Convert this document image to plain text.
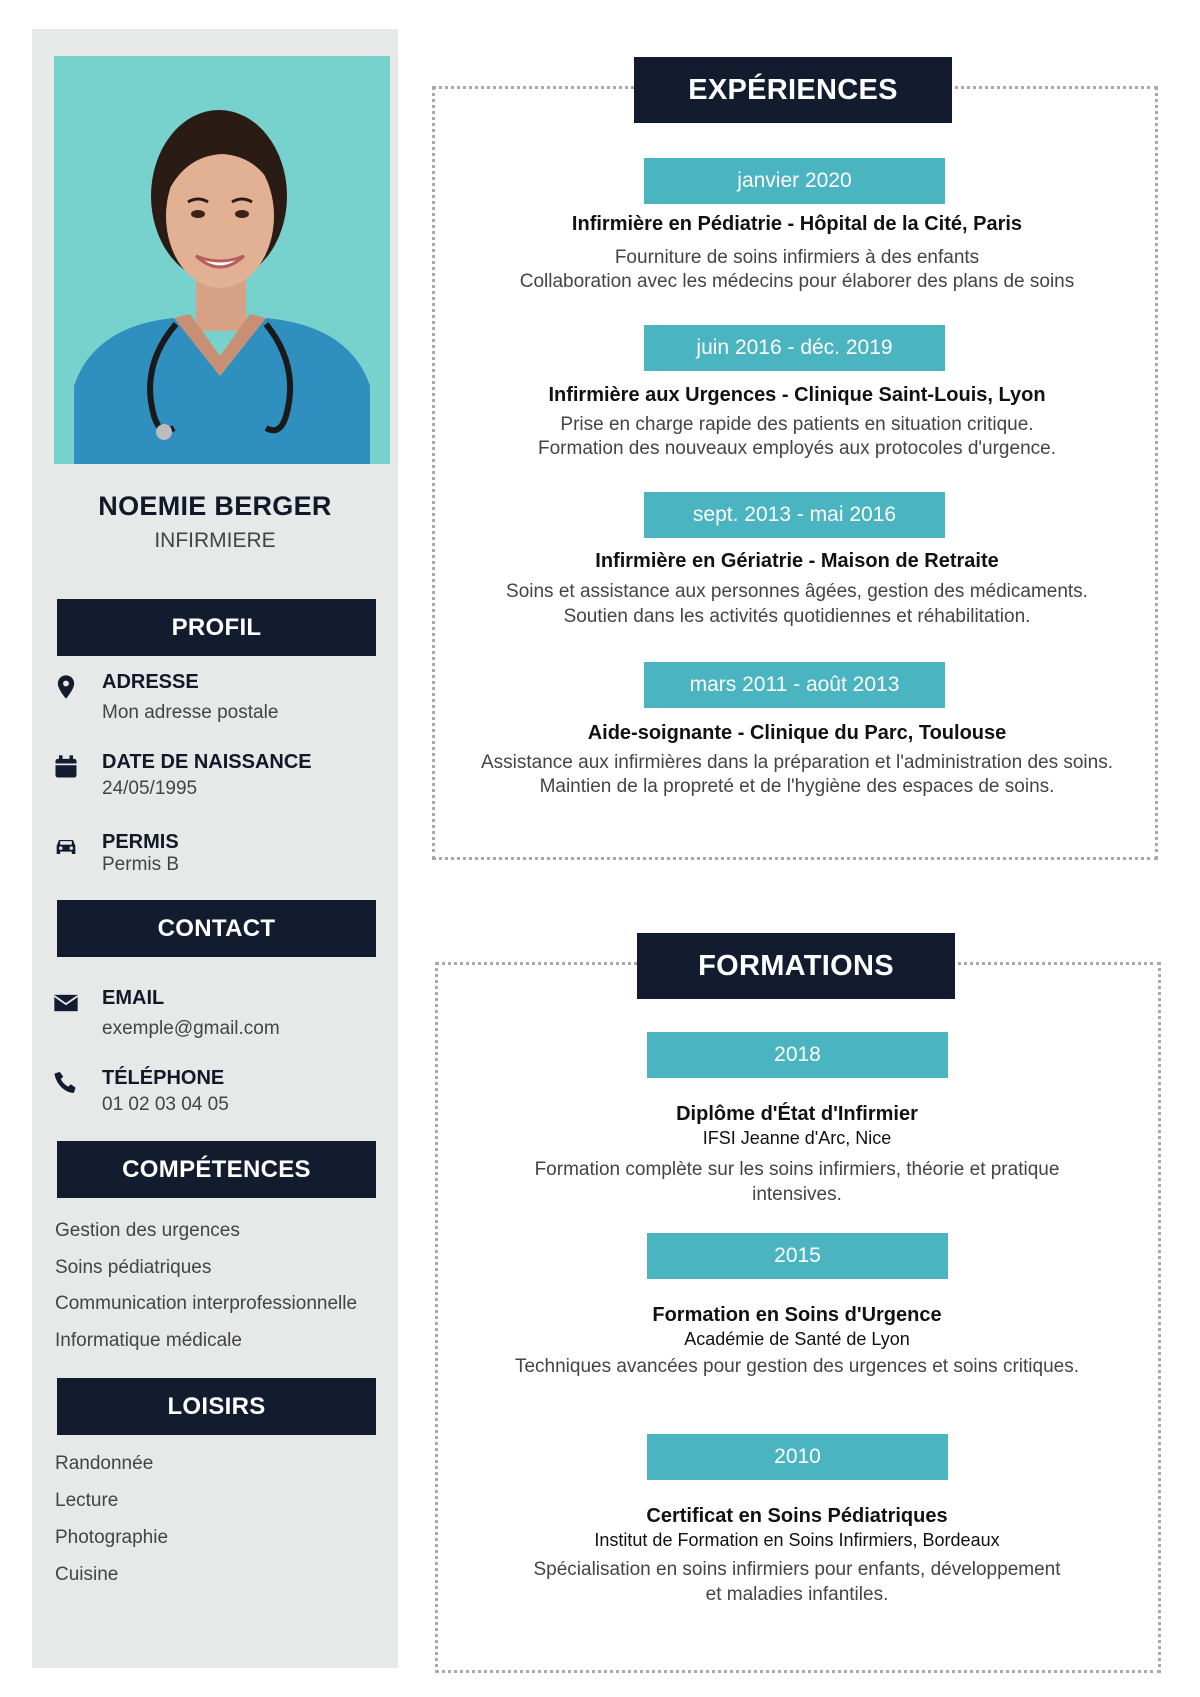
NOEMIE BERGER
INFIRMIERE
PROFIL
ADRESSE
Mon adresse postale
DATE DE NAISSANCE
24/05/1995
PERMIS
Permis B
CONTACT
EMAIL
exemple@gmail.com
TÉLÉPHONE
01 02 03 04 05
COMPÉTENCES
Gestion des urgences
Soins pédiatriques
Communication interprofessionnelle
Informatique médicale
LOISIRS
Randonnée
Lecture
Photographie
Cuisine
EXPÉRIENCES
janvier 2020
Infirmière en Pédiatrie - Hôpital de la Cité, Paris
Fourniture de soins infirmiers à des enfants
Collaboration avec les médecins pour élaborer des plans de soins
juin 2016 - déc. 2019
Infirmière aux Urgences - Clinique Saint-Louis, Lyon
Prise en charge rapide des patients en situation critique.
Formation des nouveaux employés aux protocoles d'urgence.
sept. 2013 - mai 2016
Infirmière en Gériatrie - Maison de Retraite
Soins et assistance aux personnes âgées, gestion des médicaments.
Soutien dans les activités quotidiennes et réhabilitation.
mars 2011 - août 2013
Aide-soignante - Clinique du Parc, Toulouse
Assistance aux infirmières dans la préparation et l'administration des soins.
Maintien de la propreté et de l'hygiène des espaces de soins.
FORMATIONS
2018
Diplôme d'État d'Infirmier
IFSI Jeanne d'Arc, Nice
Formation complète sur les soins infirmiers, théorie et pratique
intensives.
2015
Formation en Soins d'Urgence
Académie de Santé de Lyon
Techniques avancées pour gestion des urgences et soins critiques.
2010
Certificat en Soins Pédiatriques
Institut de Formation en Soins Infirmiers, Bordeaux
Spécialisation en soins infirmiers pour enfants, développement
et maladies infantiles.
